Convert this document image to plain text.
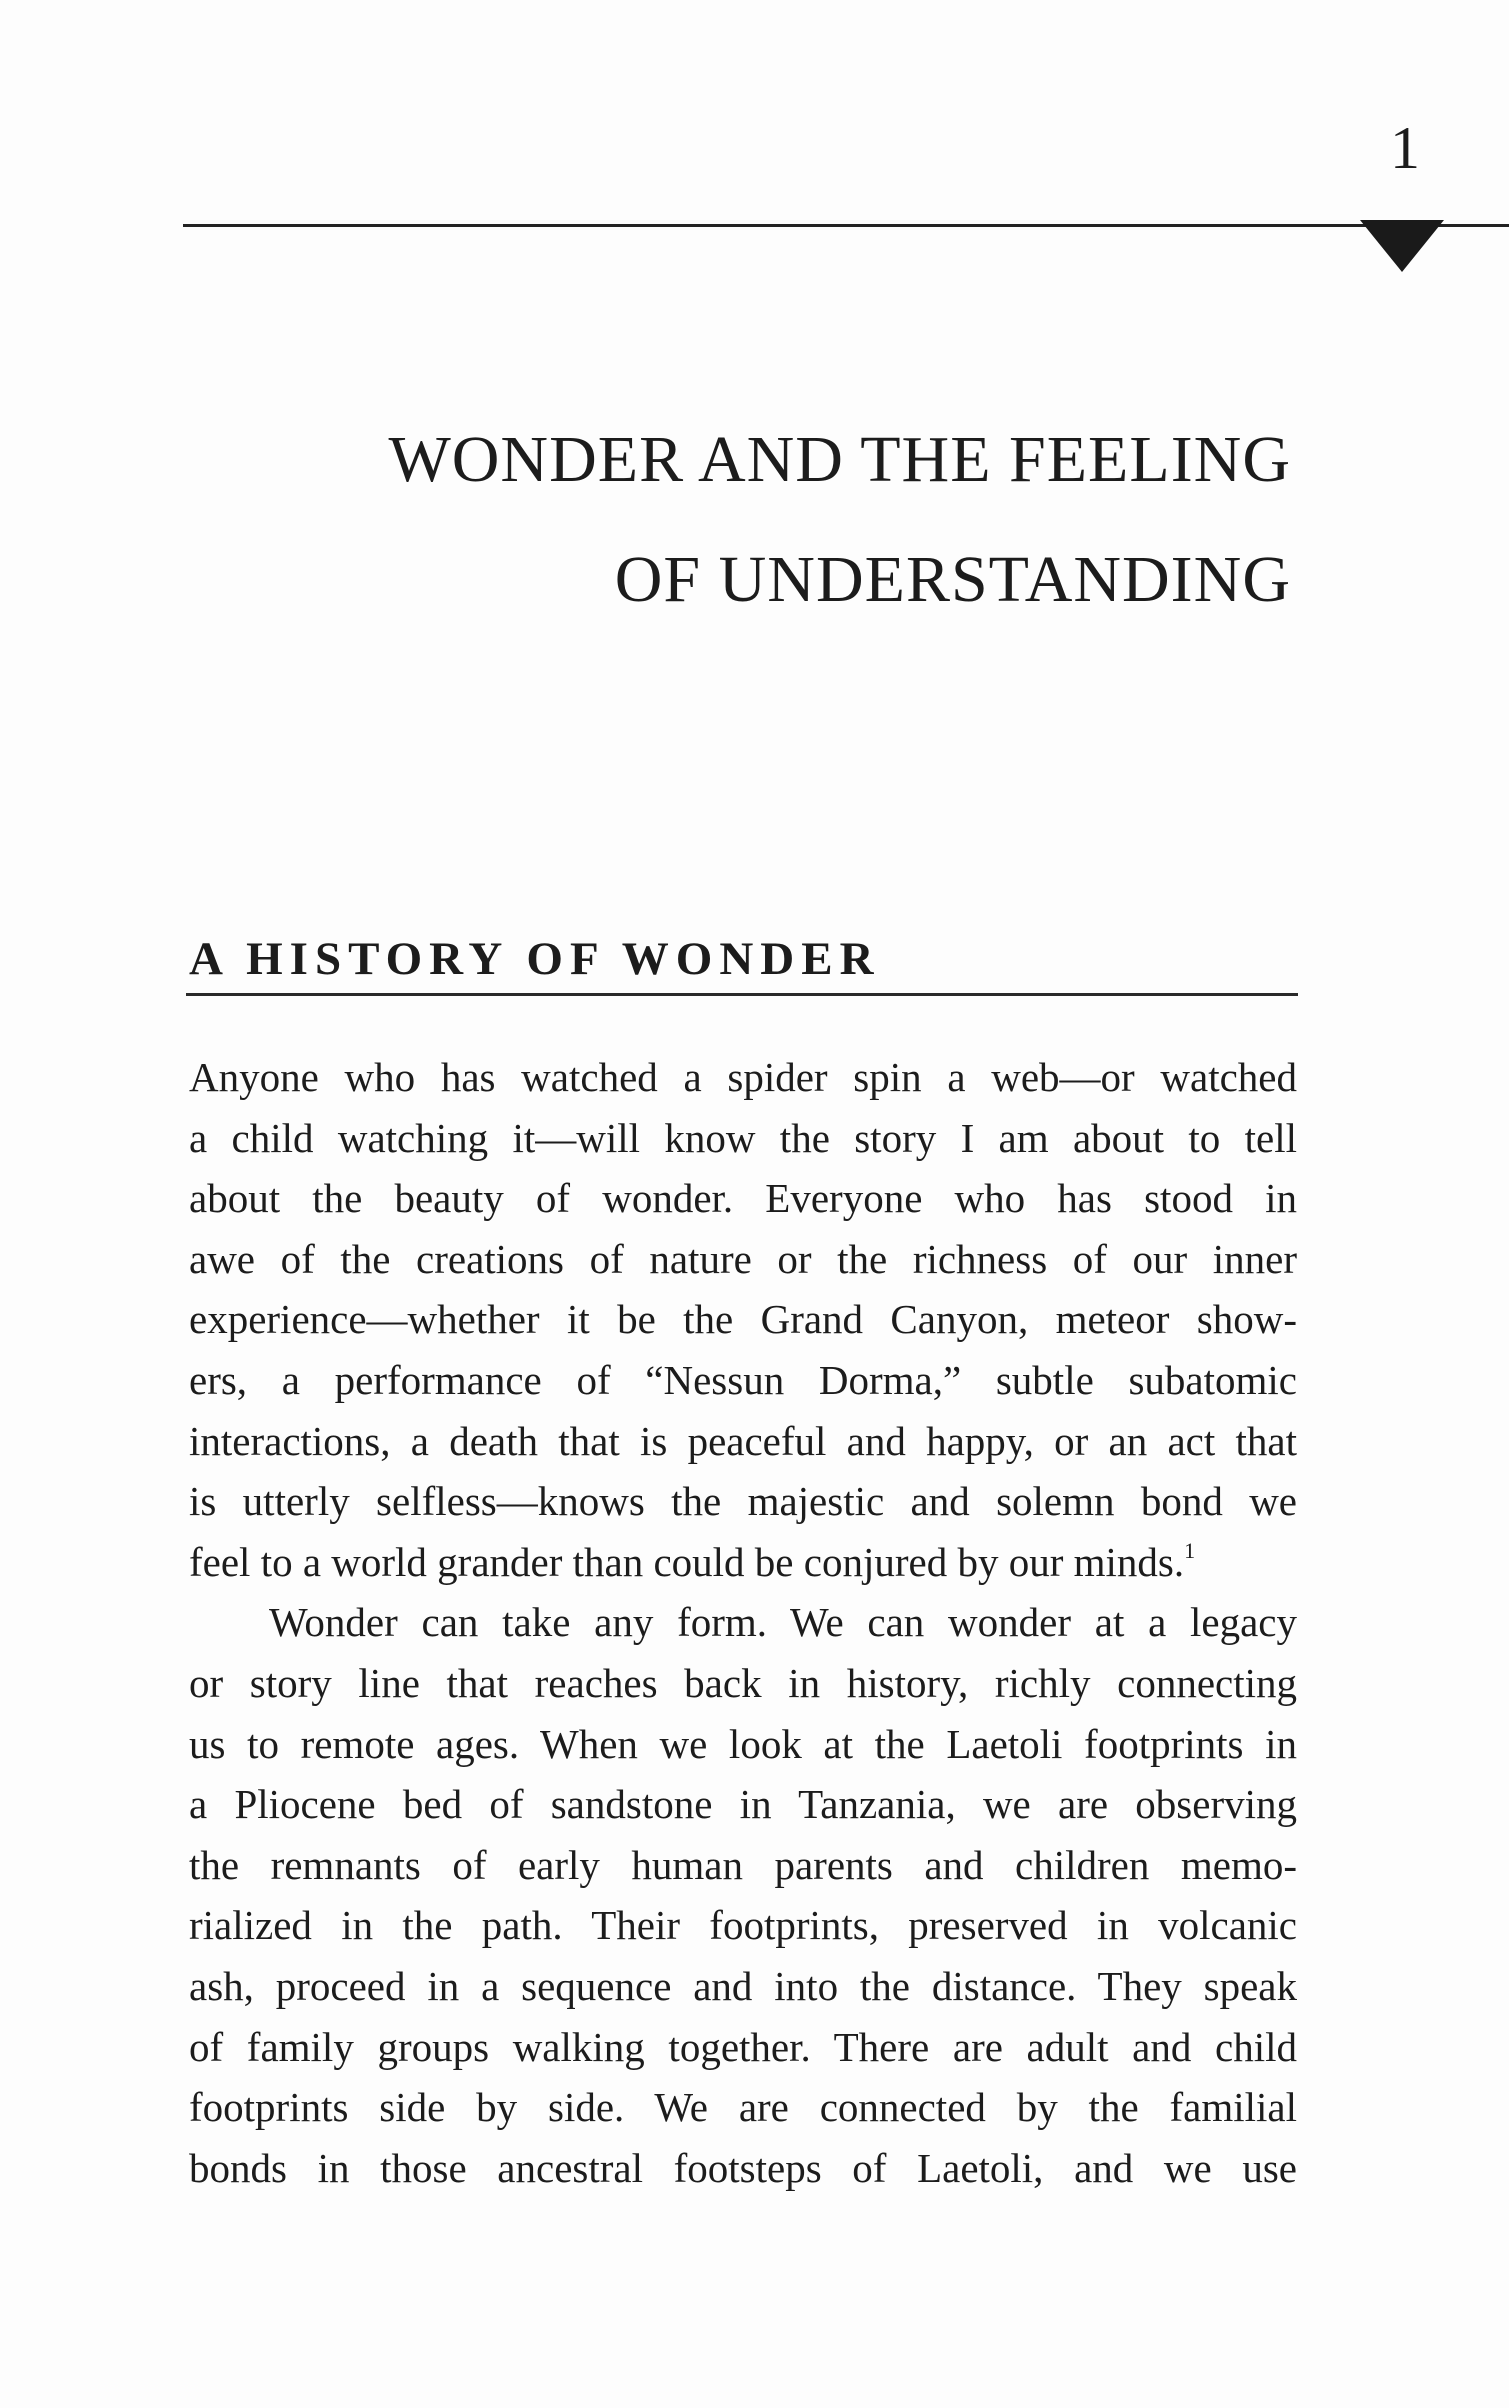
1
WONDER AND THE FEELING
OF UNDERSTANDING
A HISTORY OF WONDER
Anyone who has watched a spider spin a web—or watched
a child watching it—will know the story I am about to tell
about the beauty of wonder. Everyone who has stood in
awe of the creations of nature or the richness of our inner
experience—whether it be the Grand Canyon, meteor show-
ers, a performance of “Nessun Dorma,” subtle subatomic
interactions, a death that is peaceful and happy, or an act that
is utterly selfless—knows the majestic and solemn bond we
feel to a world grander than could be conjured by our minds.$^1$
Wonder can take any form. We can wonder at a legacy
or story line that reaches back in history, richly connecting
us to remote ages. When we look at the Laetoli footprints in
a Pliocene bed of sandstone in Tanzania, we are observing
the remnants of early human parents and children memo-
rialized in the path. Their footprints, preserved in volcanic
ash, proceed in a sequence and into the distance. They speak
of family groups walking together. There are adult and child
footprints side by side. We are connected by the familial
bonds in those ancestral footsteps of Laetoli, and we use
